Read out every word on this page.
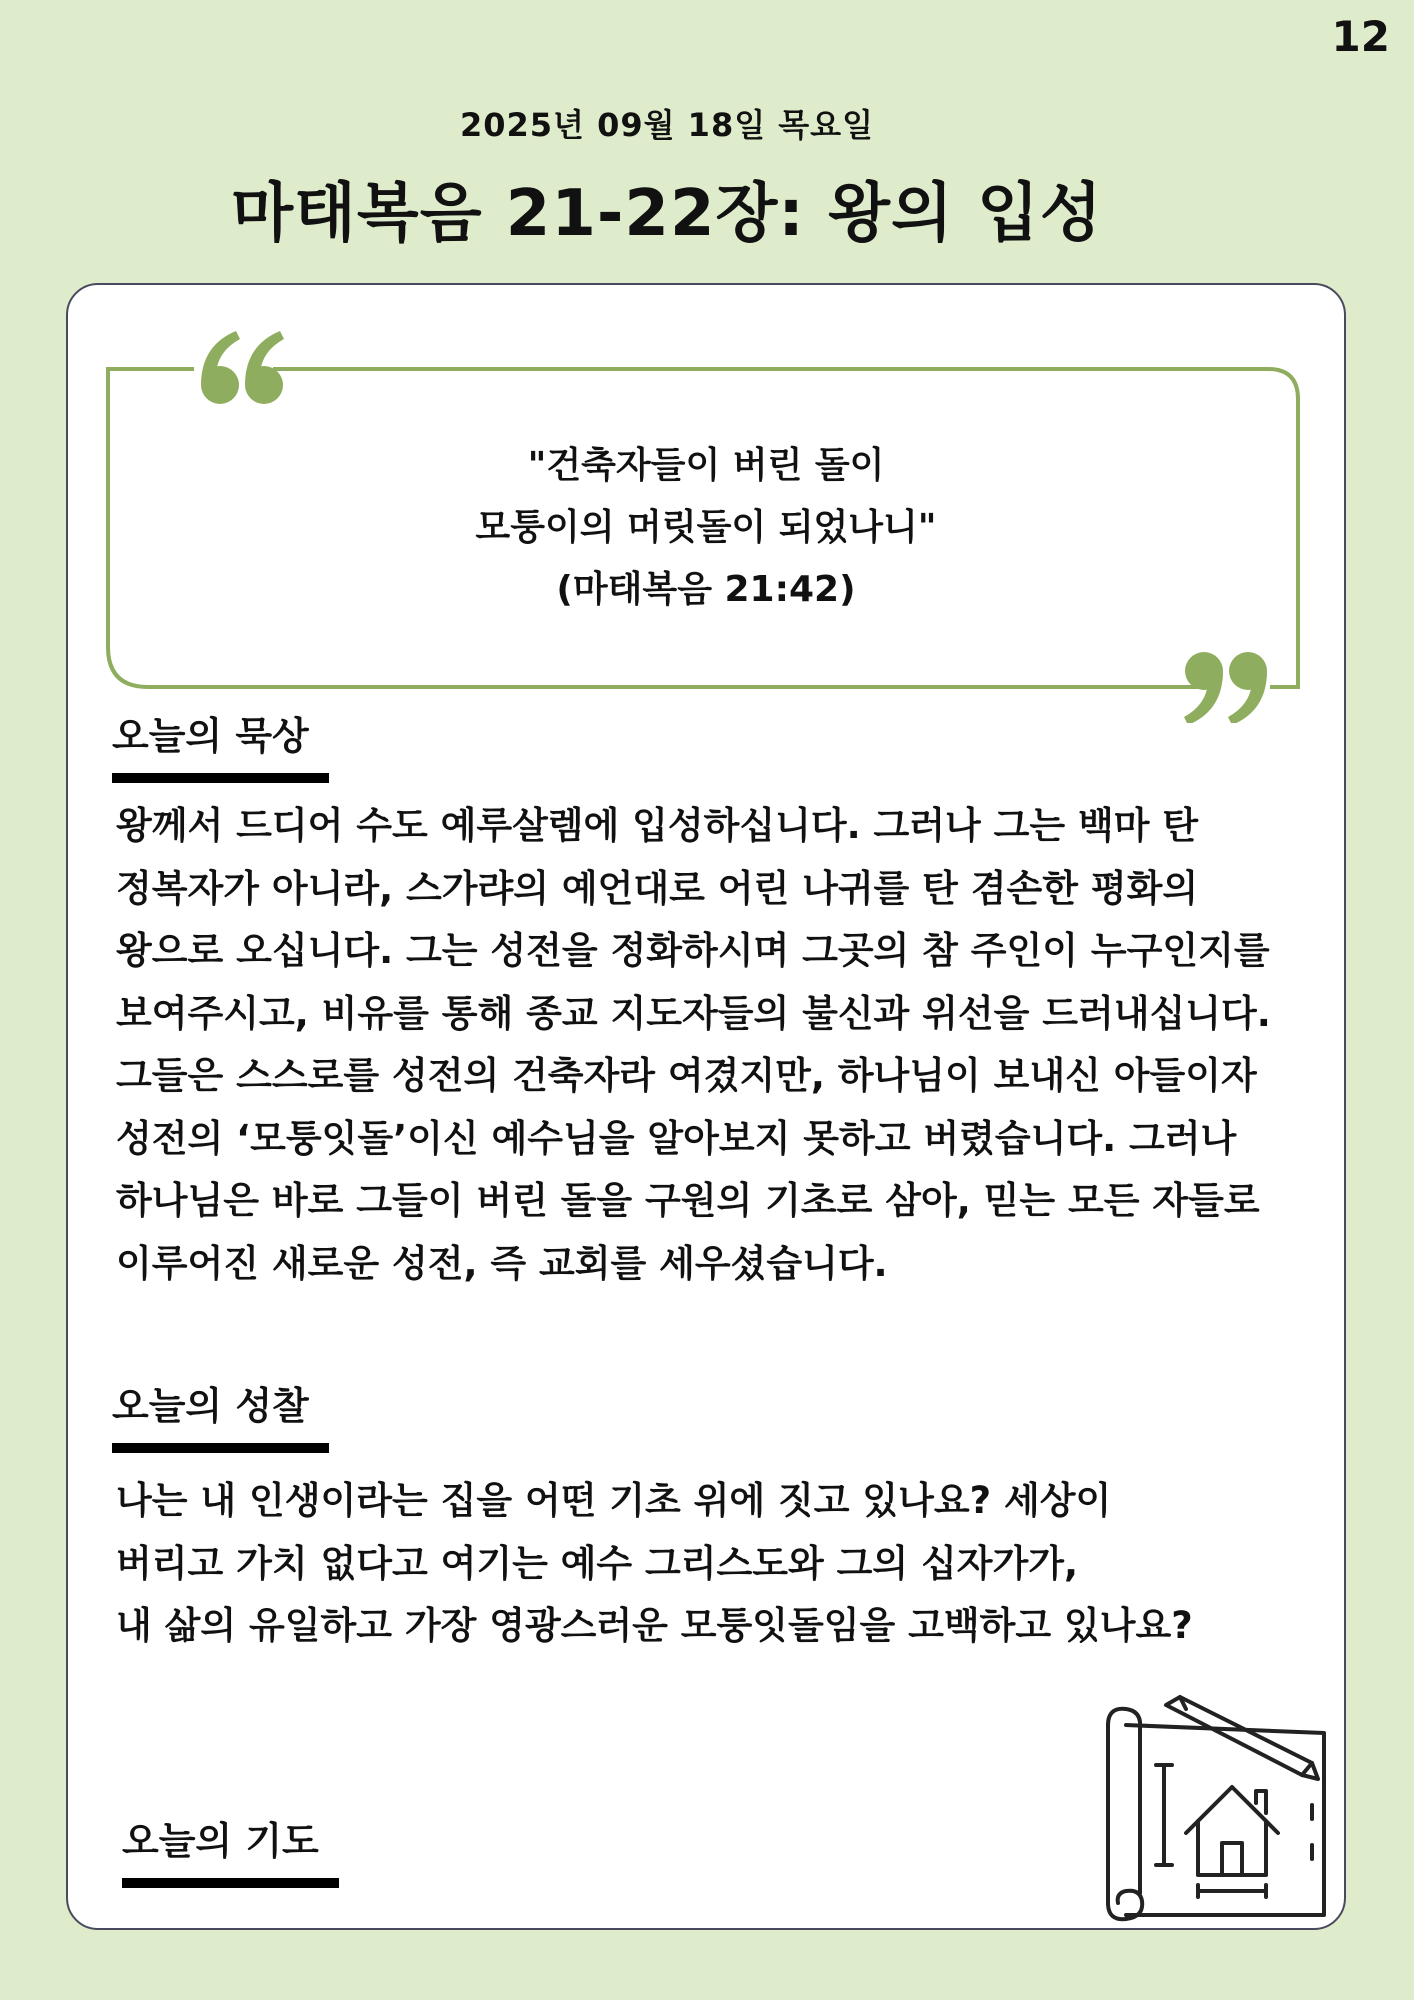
12
2025년 09월 18일 목요일
마태복음 21-22장: 왕의 입성
"건축자들이 버린 돌이
모퉁이의 머릿돌이 되었나니"
(마태복음 21:42)
오늘의 묵상
왕께서 드디어 수도 예루살렘에 입성하십니다. 그러나 그는 백마 탄
정복자가 아니라, 스가랴의 예언대로 어린 나귀를 탄 겸손한 평화의
왕으로 오십니다. 그는 성전을 정화하시며 그곳의 참 주인이 누구인지를
보여주시고, 비유를 통해 종교 지도자들의 불신과 위선을 드러내십니다.
그들은 스스로를 성전의 건축자라 여겼지만, 하나님이 보내신 아들이자
성전의 ‘모퉁잇돌’이신 예수님을 알아보지 못하고 버렸습니다. 그러나
하나님은 바로 그들이 버린 돌을 구원의 기초로 삼아, 믿는 모든 자들로
이루어진 새로운 성전, 즉 교회를 세우셨습니다.
오늘의 성찰
나는 내 인생이라는 집을 어떤 기초 위에 짓고 있나요? 세상이
버리고 가치 없다고 여기는 예수 그리스도와 그의 십자가가,
내 삶의 유일하고 가장 영광스러운 모퉁잇돌임을 고백하고 있나요?
오늘의 기도
